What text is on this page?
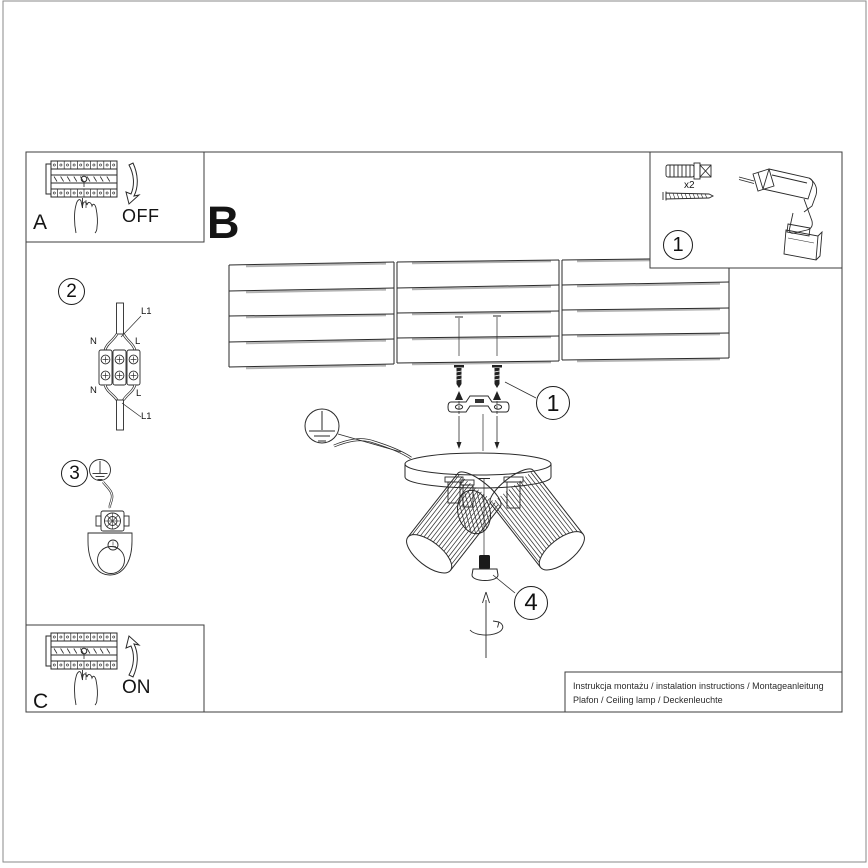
A	OFF B
C
ON
1
1
2
3
4
x2
L1
N	L
N	L
L1
Instrukcja montażu / instalation instructions / Montageanleitung
Plafon / Ceiling lamp / Deckenleuchte
